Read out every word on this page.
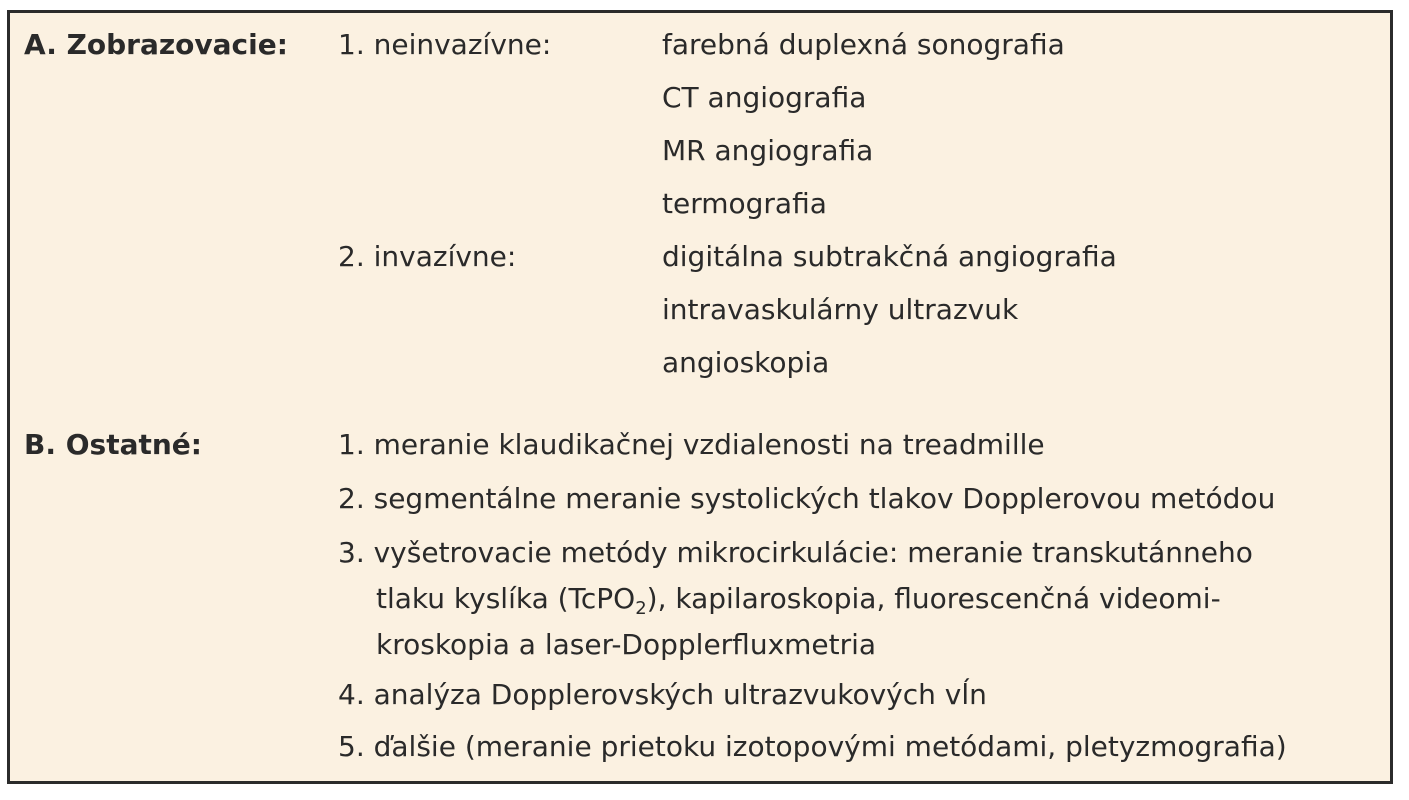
A. Zobrazovacie: 1. neinvazívne:	farebná duplexná sonografia
CT angiografia
MR angiografia
termografia
2. invazívne:	digitálna subtrakčná angiografia
intravaskulárny ultrazvuk
angioskopia
B. Ostatné:	1. meranie klaudikačnej vzdialenosti na treadmille
2. segmentálne meranie systolických tlakov Dopplerovou metódou
3. vyšetrovacie metódy mikrocirkulácie: meranie transkutánneho
tlaku kyslíka (TcPO$_2$), kapilaroskopia, fluorescenčná videomi-
kroskopia a laser-Dopplerfluxmetria
4. analýza Dopplerovských ultrazvukových vĺn
5. ďalšie (meranie prietoku izotopovými metódami, pletyzmografia)
